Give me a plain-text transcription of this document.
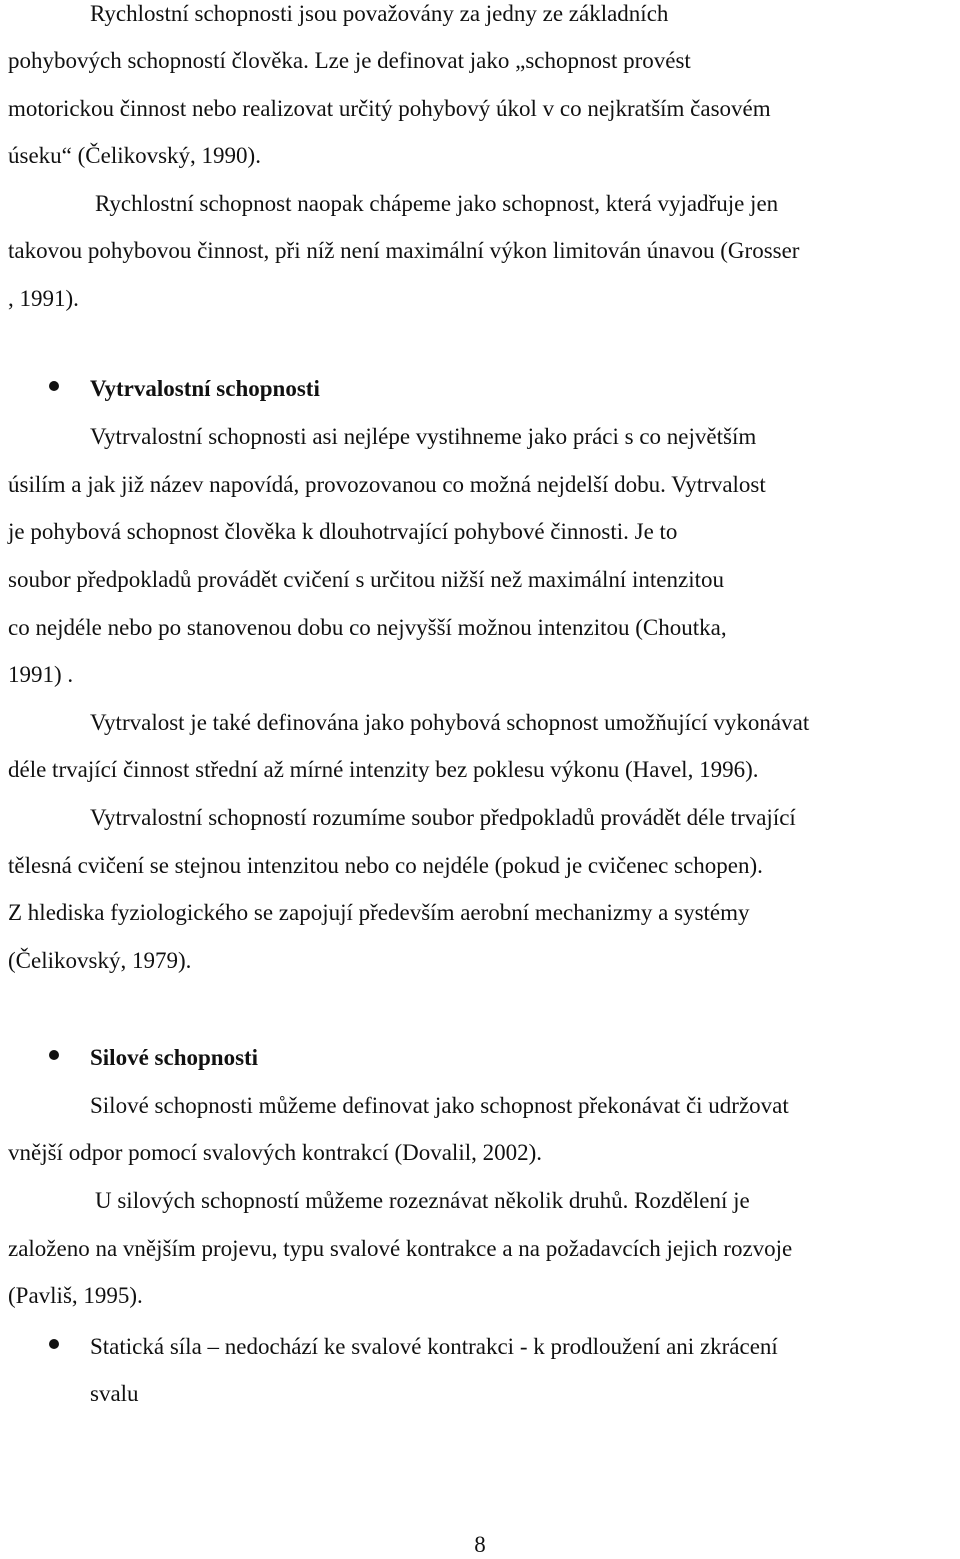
Rychlostní schopnosti jsou považovány za jedny ze základních
pohybových schopností člověka. Lze je definovat jako „schopnost provést
motorickou činnost nebo realizovat určitý pohybový úkol v co nejkratším časovém
úseku“ (Čelikovský, 1990).
Rychlostní schopnost naopak chápeme jako schopnost, která vyjadřuje jen
takovou pohybovou činnost, při níž není maximální výkon limitován únavou (Grosser
, 1991).
Vytrvalostní schopnosti
Vytrvalostní schopnosti asi nejlépe vystihneme jako práci s co největším
úsilím a jak již název napovídá, provozovanou co možná nejdelší dobu. Vytrvalost
je pohybová schopnost člověka k dlouhotrvající pohybové činnosti. Je to
soubor předpokladů provádět cvičení s určitou nižší než maximální intenzitou
co nejdéle nebo po stanovenou dobu co nejvyšší možnou intenzitou (Choutka,
1991) .
Vytrvalost je také definována jako pohybová schopnost umožňující vykonávat
déle trvající činnost střední až mírné intenzity bez poklesu výkonu (Havel, 1996).
Vytrvalostní schopností rozumíme soubor předpokladů provádět déle trvající
tělesná cvičení se stejnou intenzitou nebo co nejdéle (pokud je cvičenec schopen).
Z hlediska fyziologického se zapojují především aerobní mechanizmy a systémy
(Čelikovský, 1979).
Silové schopnosti
Silové schopnosti můžeme definovat jako schopnost překonávat či udržovat
vnější odpor pomocí svalových kontrakcí (Dovalil, 2002).
U silových schopností můžeme rozeznávat několik druhů. Rozdělení je
založeno na vnějším projevu, typu svalové kontrakce a na požadavcích jejich rozvoje
(Pavliš, 1995).
Statická síla – nedochází ke svalové kontrakci - k prodloužení ani zkrácení
svalu
8
